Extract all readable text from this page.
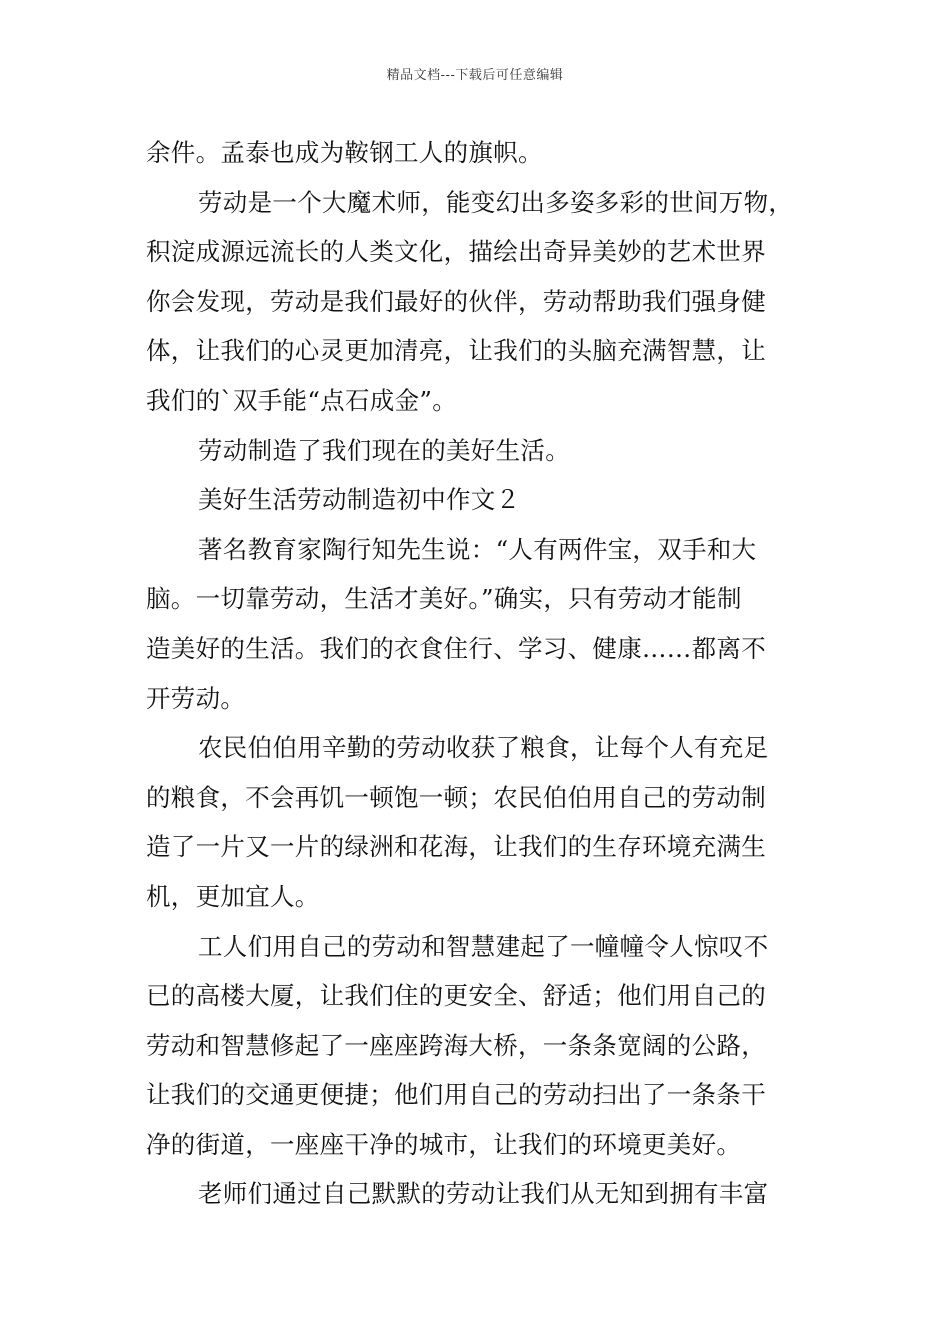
精品文档---下载后可任意编辑
余件。孟泰也成为鞍钢工人的旗帜。
劳动是一个大魔术师，能变幻出多姿多彩的世间万物，
积淀成源远流长的人类文化，描绘出奇异美妙的艺术世界
你会发现，劳动是我们最好的伙伴，劳动帮助我们强身健
体，让我们的心灵更加清亮，让我们的头脑充满智慧，让
我们的`双手能“点石成金”。
劳动制造了我们现在的美好生活。
美好生活劳动制造初中作文２
著名教育家陶行知先生说：“人有两件宝，双手和大
脑。一切靠劳动，生活才美好。”确实，只有劳动才能制
造美好的生活。我们的衣食住行、学习、健康……都离不
开劳动。
农民伯伯用辛勤的劳动收获了粮食，让每个人有充足
的粮食，不会再饥一顿饱一顿；农民伯伯用自己的劳动制
造了一片又一片的绿洲和花海，让我们的生存环境充满生
机，更加宜人。
工人们用自己的劳动和智慧建起了一幢幢令人惊叹不
已的高楼大厦，让我们住的更安全、舒适；他们用自己的
劳动和智慧修起了一座座跨海大桥，一条条宽阔的公路，
让我们的交通更便捷；他们用自己的劳动扫出了一条条干
净的街道，一座座干净的城市，让我们的环境更美好。
老师们通过自己默默的劳动让我们从无知到拥有丰富
